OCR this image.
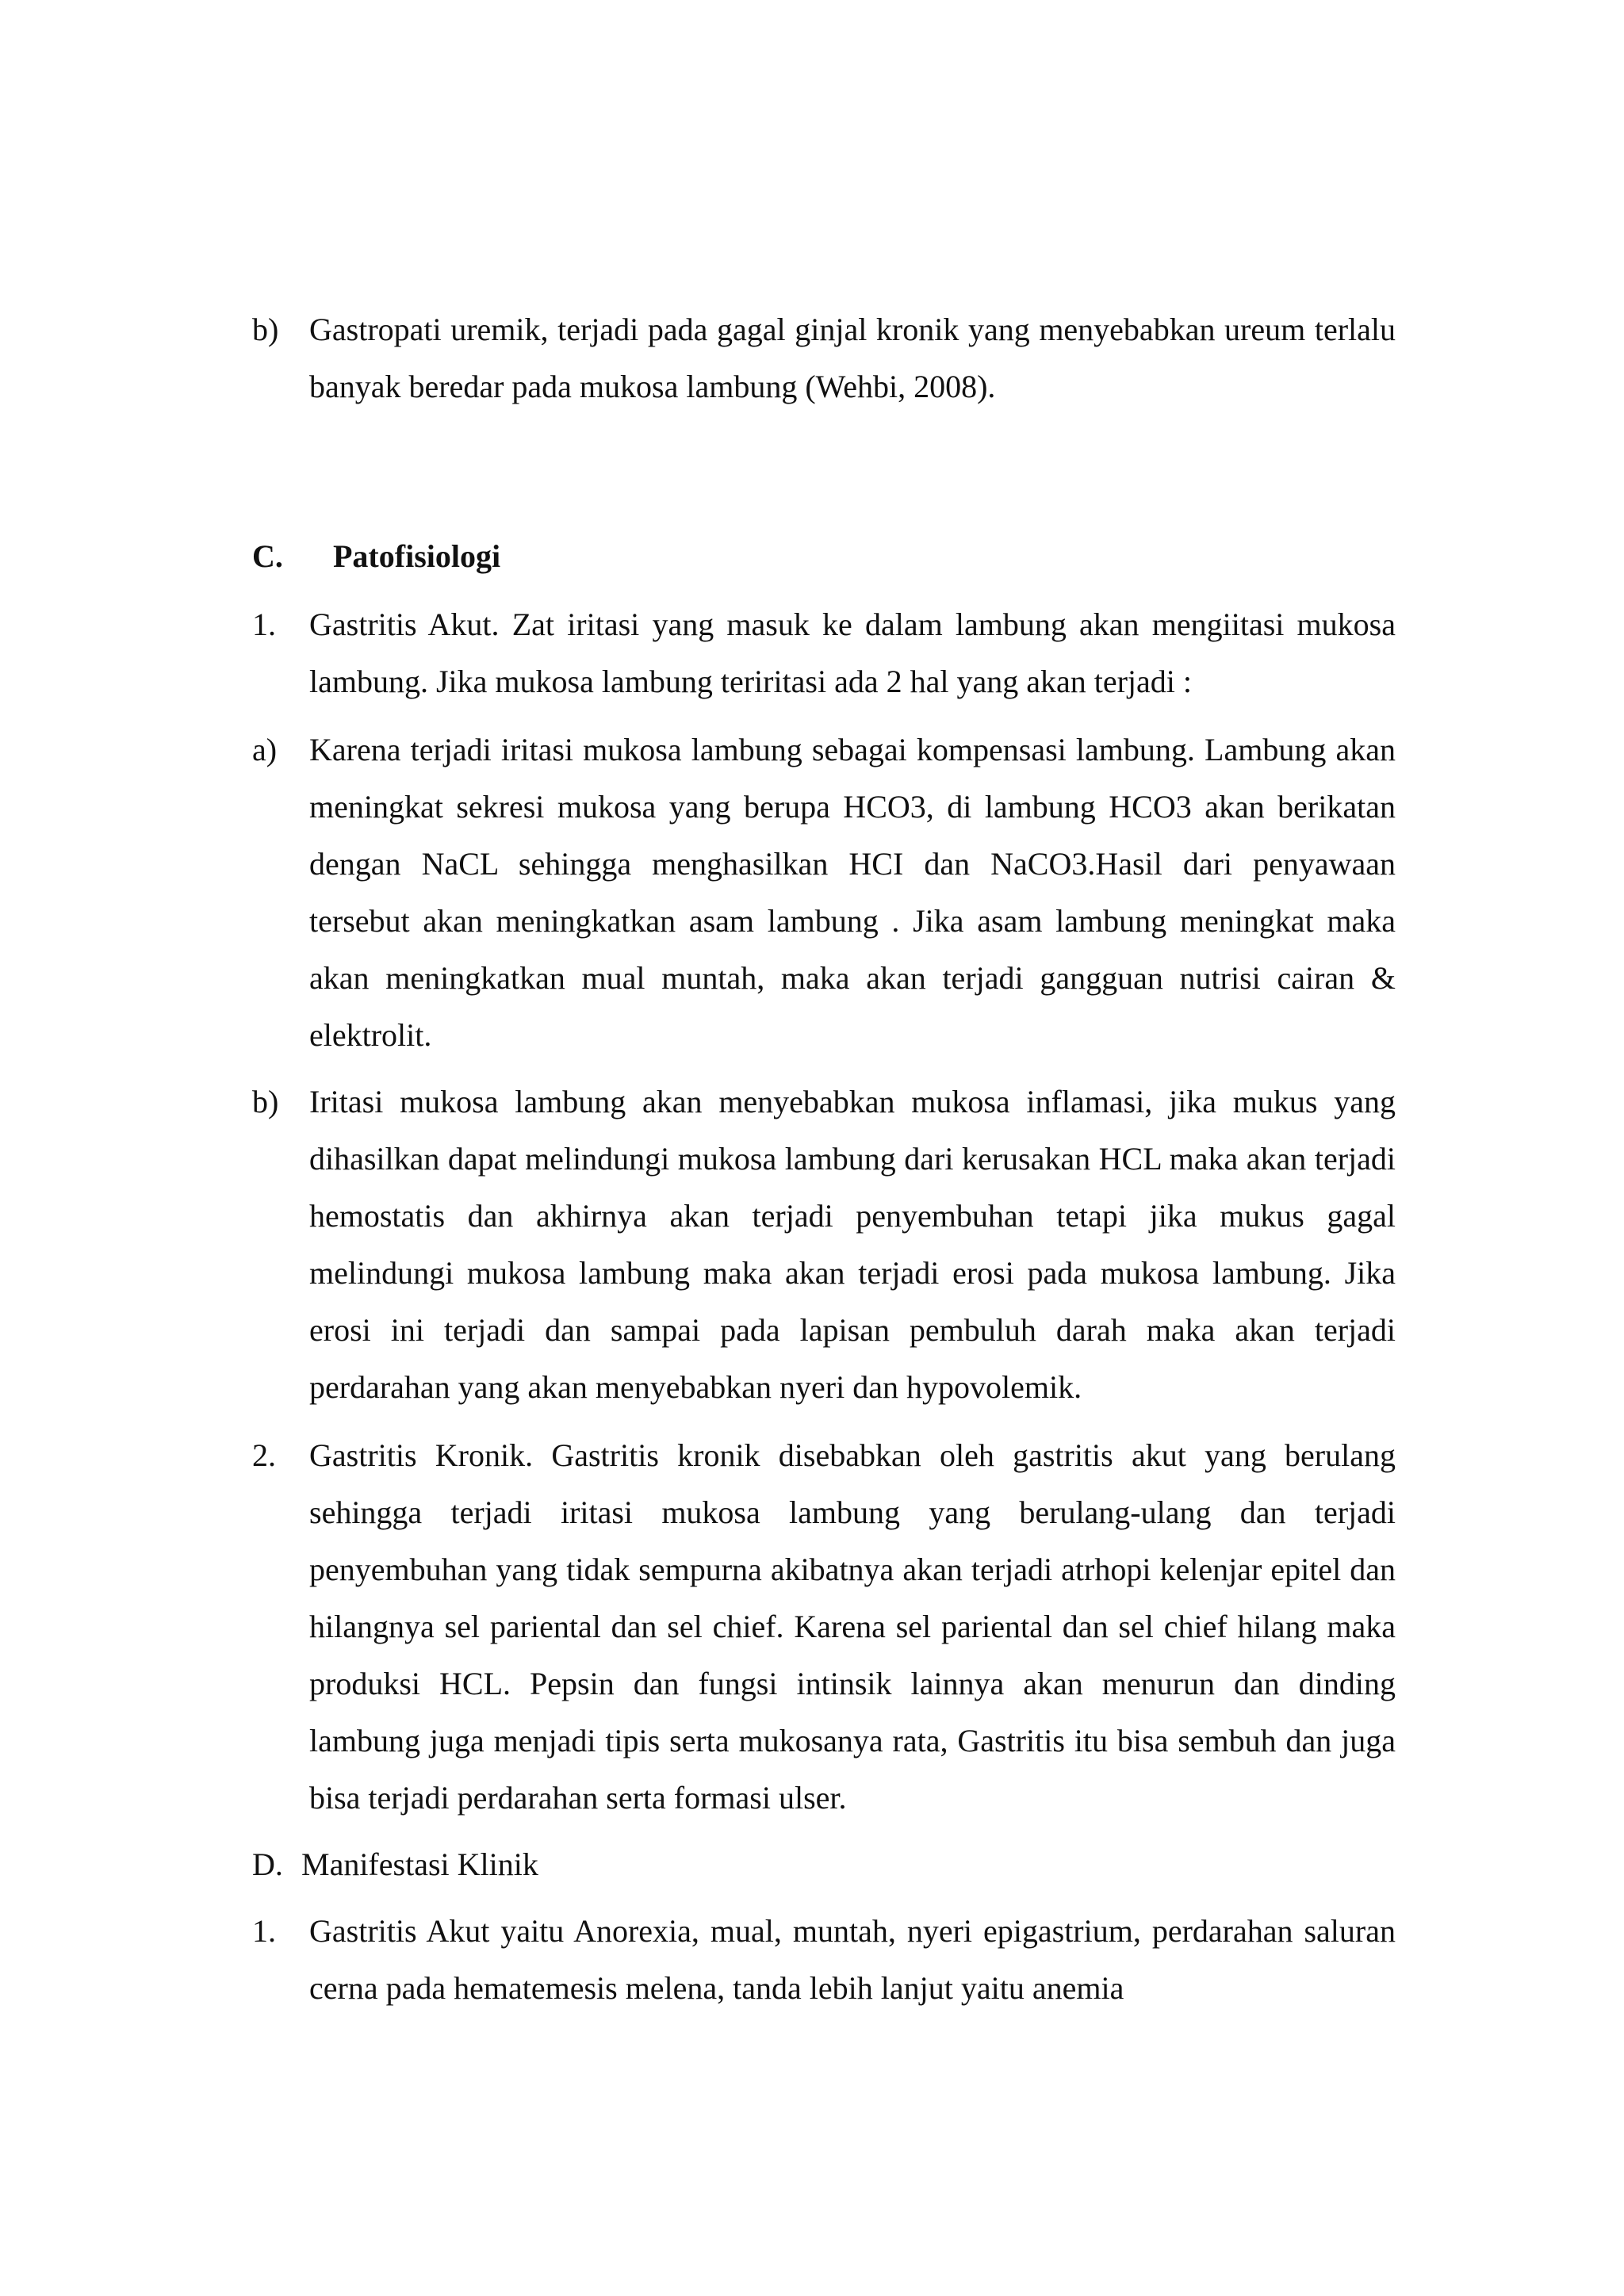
b) Gastropati uremik, terjadi pada gagal ginjal kronik yang menyebabkan ureum terlalu banyak beredar pada mukosa lambung (Wehbi, 2008).
C. Patofisiologi
1. Gastritis Akut. Zat iritasi yang masuk ke dalam lambung akan mengiitasi mukosa lambung. Jika mukosa lambung teriritasi ada 2 hal yang akan terjadi :
a) Karena terjadi iritasi mukosa lambung sebagai kompensasi lambung. Lambung akan meningkat sekresi mukosa yang berupa HCO3, di lambung HCO3 akan berikatan dengan NaCL sehingga menghasilkan HCI dan NaCO3.Hasil dari penyawaan tersebut akan meningkatkan asam lambung . Jika asam lambung meningkat maka akan meningkatkan mual muntah, maka akan terjadi gangguan nutrisi cairan & elektrolit.
b) Iritasi mukosa lambung akan menyebabkan mukosa inflamasi, jika mukus yang dihasilkan dapat melindungi mukosa lambung dari kerusakan HCL maka akan terjadi hemostatis dan akhirnya akan terjadi penyembuhan tetapi jika mukus gagal melindungi mukosa lambung maka akan terjadi erosi pada mukosa lambung. Jika erosi ini terjadi dan sampai pada lapisan pembuluh darah maka akan terjadi perdarahan yang akan menyebabkan nyeri dan hypovolemik.
2. Gastritis Kronik. Gastritis kronik disebabkan oleh gastritis akut yang berulang sehingga terjadi iritasi mukosa lambung yang berulang-ulang dan terjadi penyembuhan yang tidak sempurna akibatnya akan terjadi atrhopi kelenjar epitel dan hilangnya sel pariental dan sel chief. Karena sel pariental dan sel chief hilang maka produksi HCL. Pepsin dan fungsi intinsik lainnya akan menurun dan dinding lambung juga menjadi tipis serta mukosanya rata, Gastritis itu bisa sembuh dan juga bisa terjadi perdarahan serta formasi ulser.
D. Manifestasi Klinik
1. Gastritis Akut yaitu Anorexia, mual, muntah, nyeri epigastrium, perdarahan saluran cerna pada hematemesis melena, tanda lebih lanjut yaitu anemia
